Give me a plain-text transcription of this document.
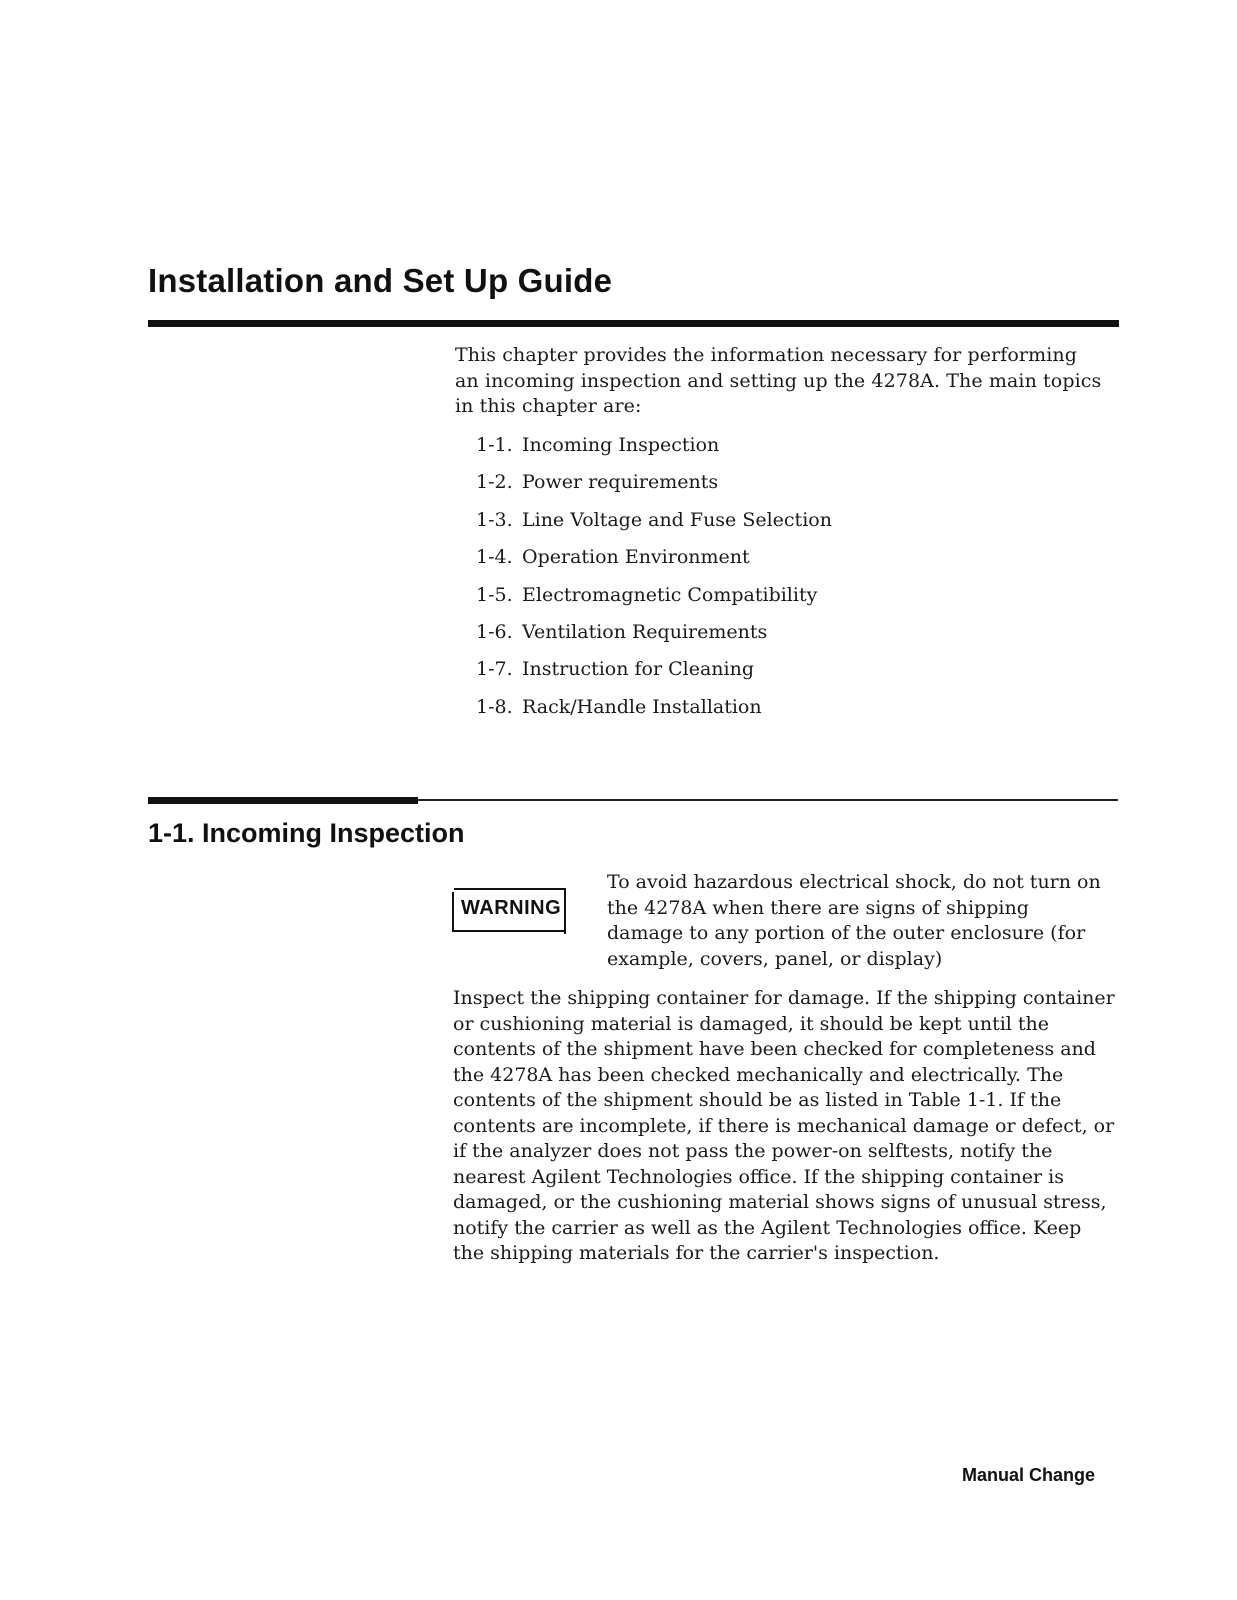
Installation and Set Up Guide

This chapter provides the information necessary for performing an incoming inspection and setting up the 4278A. The main topics in this chapter are:

1-1. Incoming Inspection
1-2. Power requirements
1-3. Line Voltage and Fuse Selection
1-4. Operation Environment
1-5. Electromagnetic Compatibility
1-6. Ventilation Requirements
1-7. Instruction for Cleaning
1-8. Rack/Handle Installation
1-1. Incoming Inspection
WARNING

To avoid hazardous electrical shock, do not turn on the 4278A when there are signs of shipping damage to any portion of the outer enclosure (for example, covers, panel, or display)

Inspect the shipping container for damage. If the shipping container or cushioning material is damaged, it should be kept until the contents of the shipment have been checked for completeness and the 4278A has been checked mechanically and electrically. The contents of the shipment should be as listed in Table 1-1. If the contents are incomplete, if there is mechanical damage or defect, or if the analyzer does not pass the power-on selftests, notify the nearest Agilent Technologies office. If the shipping container is damaged, or the cushioning material shows signs of unusual stress, notify the carrier as well as the Agilent Technologies office. Keep the shipping materials for the carrier's inspection.

Manual Change
